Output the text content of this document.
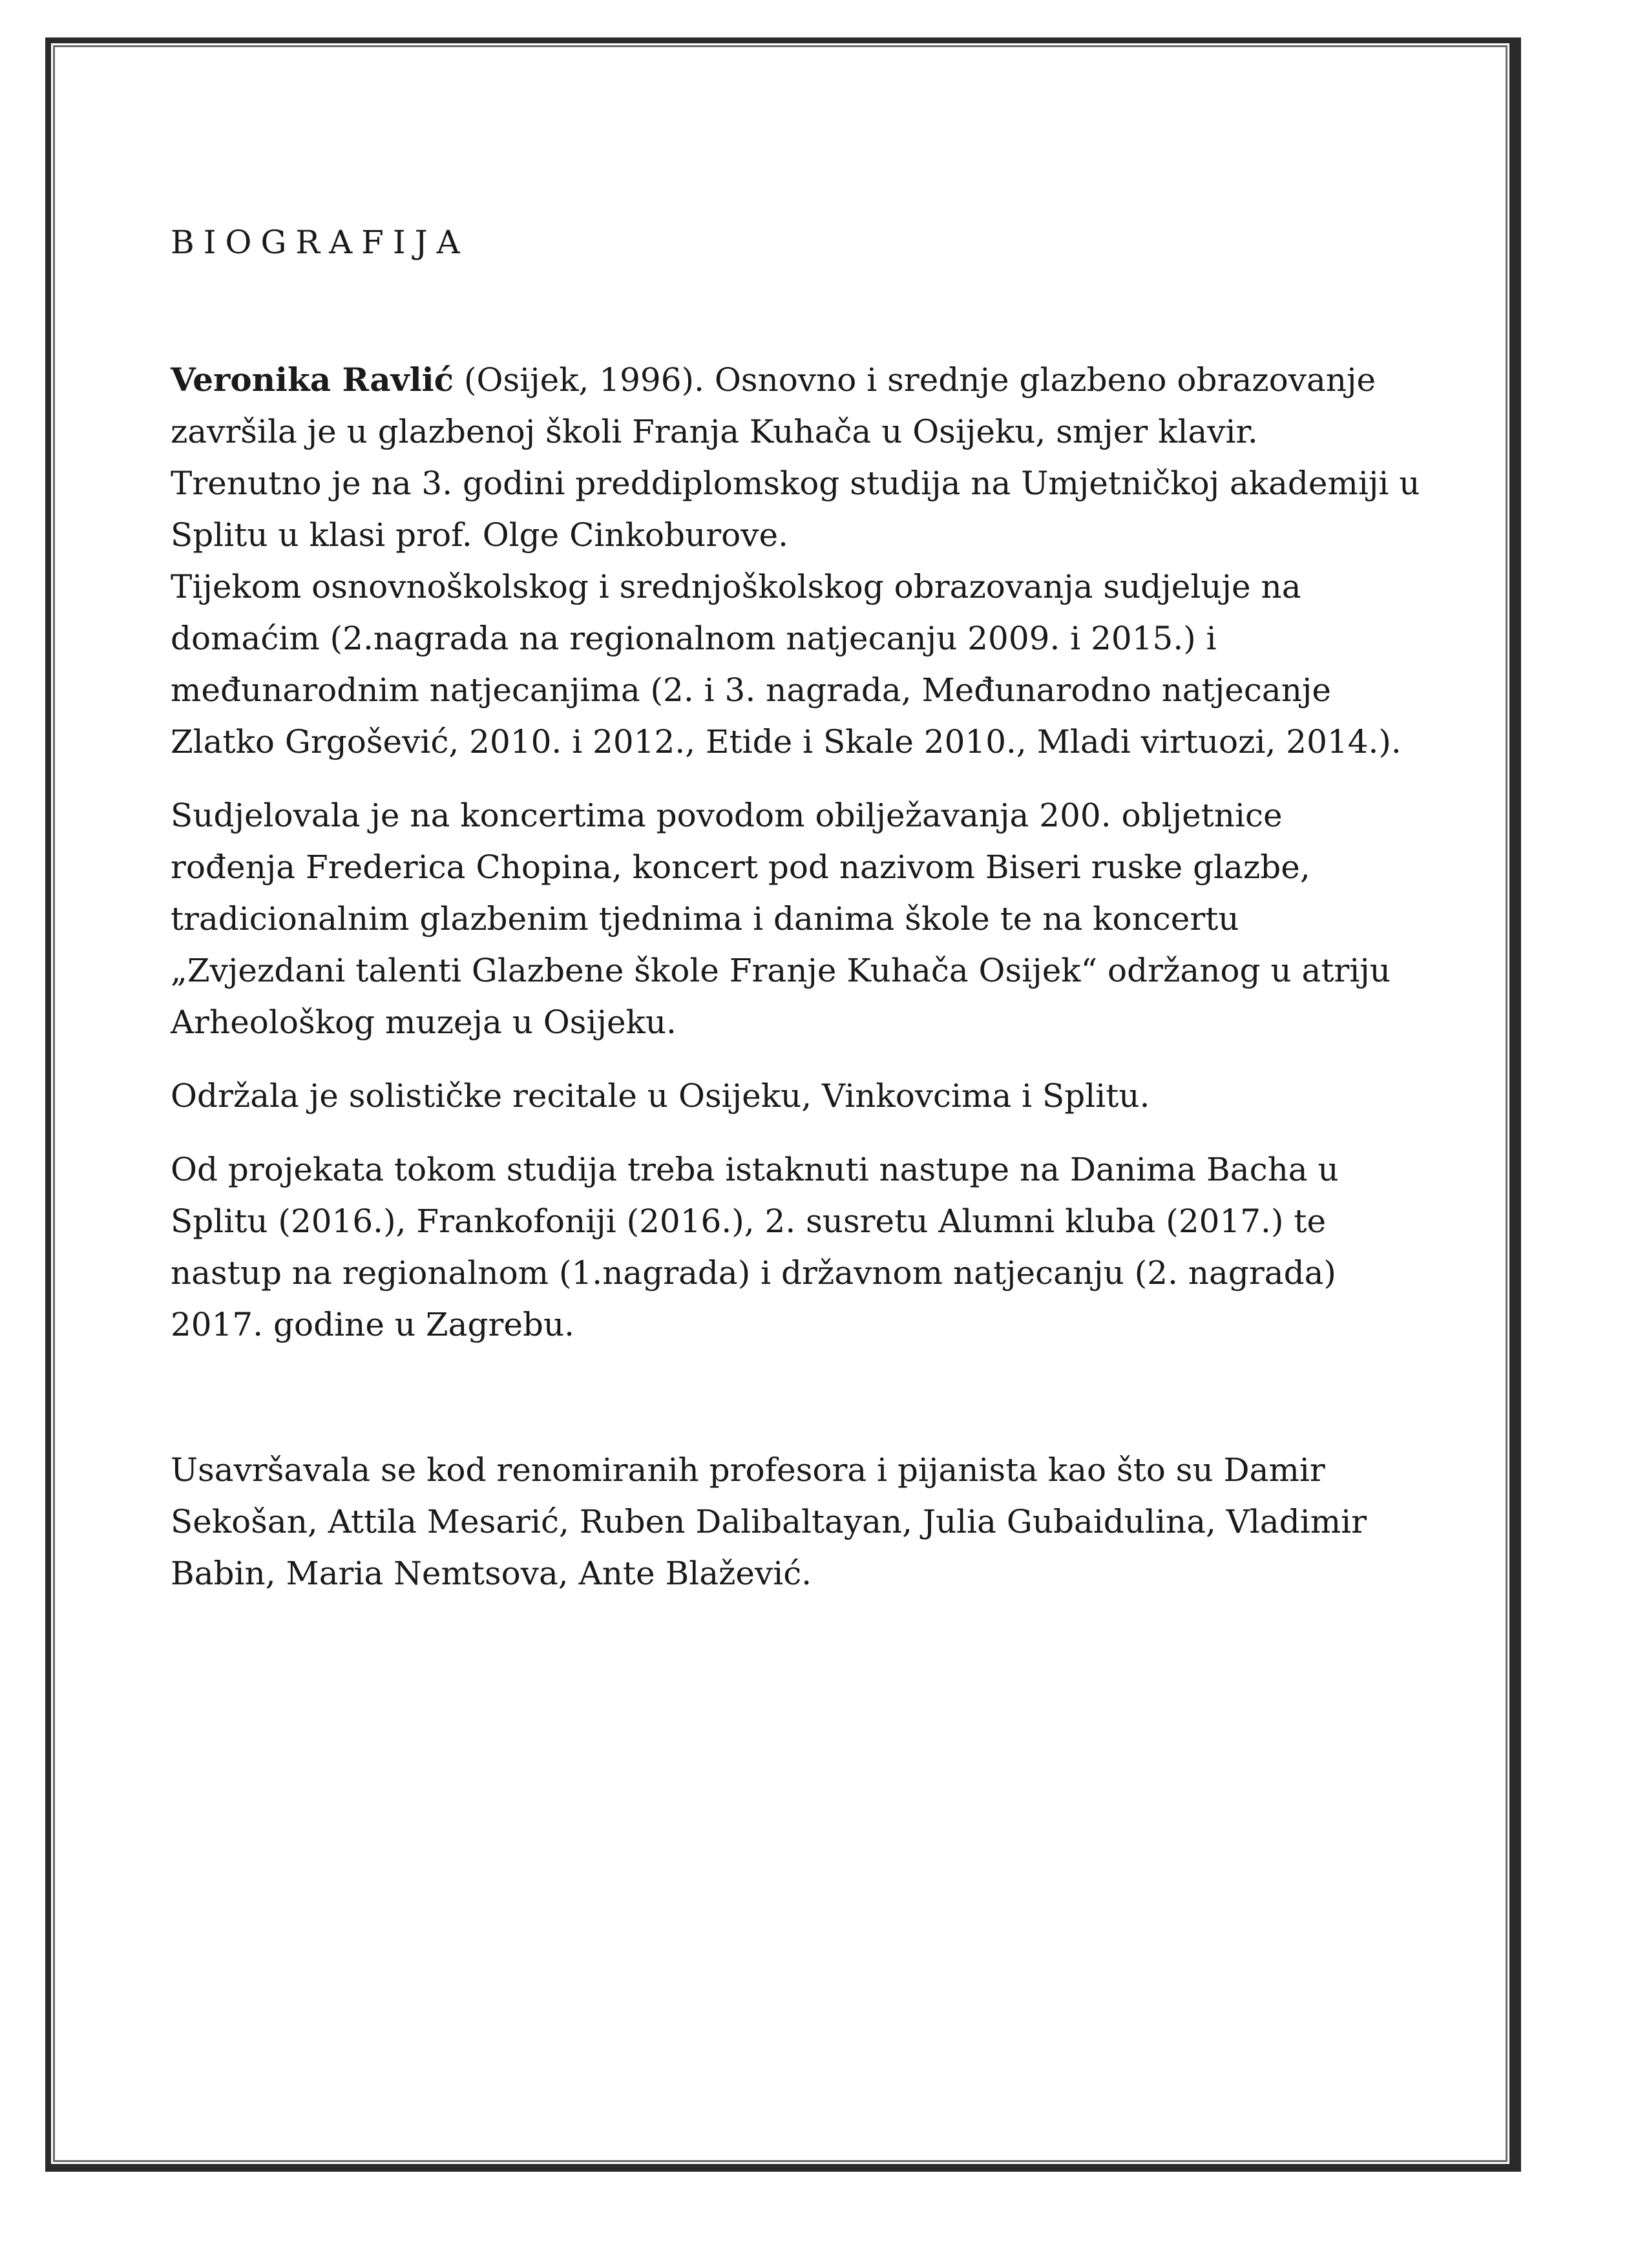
BIOGRAFIJA

Veronika Ravlić (Osijek, 1996). Osnovno i srednje glazbeno obrazovanje
završila je u glazbenoj školi Franja Kuhača u Osijeku, smjer klavir.
Trenutno je na 3. godini preddiplomskog studija na Umjetničkoj akademiji u
Splitu u klasi prof. Olge Cinkoburove.
Tijekom osnovnoškolskog i srednjoškolskog obrazovanja sudjeluje na
domaćim (2.nagrada na regionalnom natjecanju 2009. i 2015.) i
međunarodnim natjecanjima (2. i 3. nagrada, Međunarodno natjecanje
Zlatko Grgošević, 2010. i 2012., Etide i Skale 2010., Mladi virtuozi, 2014.).

Sudjelovala je na koncertima povodom obilježavanja 200. obljetnice
rođenja Frederica Chopina, koncert pod nazivom Biseri ruske glazbe,
tradicionalnim glazbenim tjednima i danima škole te na koncertu
„Zvjezdani talenti Glazbene škole Franje Kuhača Osijek“ održanog u atriju
Arheološkog muzeja u Osijeku.

Održala je solističke recitale u Osijeku, Vinkovcima i Splitu.

Od projekata tokom studija treba istaknuti nastupe na Danima Bacha u
Splitu (2016.), Frankofoniji (2016.), 2. susretu Alumni kluba (2017.) te
nastup na regionalnom (1.nagrada) i državnom natjecanju (2. nagrada)
2017. godine u Zagrebu.

Usavršavala se kod renomiranih profesora i pijanista kao što su Damir
Sekošan, Attila Mesarić, Ruben Dalibaltayan, Julia Gubaidulina, Vladimir
Babin, Maria Nemtsova, Ante Blažević.
